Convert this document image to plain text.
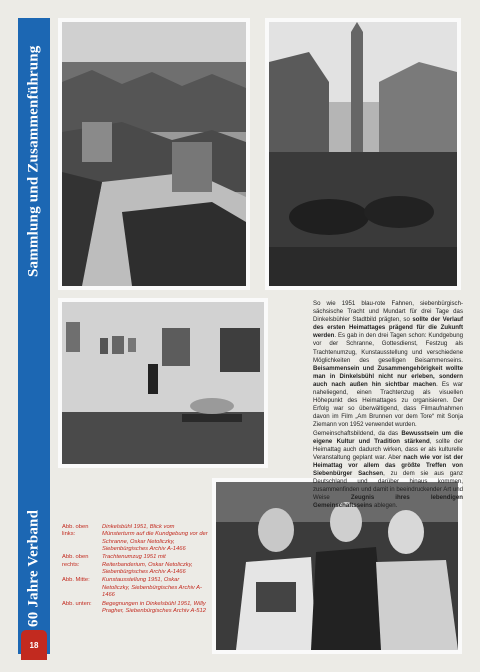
Sammlung und Zusammenführung
60 Jahre Verband
18

So wie 1951 blau-rote Fahnen, siebenbürgisch-sächsische Tracht und Mundart für drei Tage das Dinkelsbühler Stadtbild prägten, so sollte der Verlauf des ersten Heimattages prägend für die Zukunft werden. Es gab in den drei Tagen schon: Kundgebung vor der Schranne, Gottesdienst, Festzug als Trachtenumzug, Kunstausstellung und verschiedene Möglichkeiten des geselligen Beisammenseins. Beisammensein und Zusammengehörigkeit wollte man in Dinkelsbühl nicht nur erleben, sondern auch nach außen hin sichtbar machen. Es war naheliegend, einen Trachtenzug als visuellen Höhepunkt des Heimattages zu organisieren. Der Erfolg war so überwältigend, dass Filmaufnahmen davon im Film „Am Brunnen vor dem Tore“ mit Sonja Ziemann von 1952 verwendet wurden.

Gemeinschaftsbildend, da das Bewusstsein um die eigene Kultur und Tradition stärkend, sollte der Heimattag auch dadurch wirken, dass er als kulturelle Veranstaltung geplant war. Aber nach wie vor ist der Heimattag vor allem das größte Treffen von Siebenbürger Sachsen, zu dem sie aus ganz Deutschland und darüber hinaus kommen, zusammenfinden und damit in beeindruckender Art und Weise Zeugnis ihres lebendigen Gemeinschaftsseins ablegen.

Abb. oben links:
Dinkelsbühl 1951, Blick vom Münsterturm auf die Kundgebung vor der Schranne, Oskar Netoliczky, Siebenbürgisches Archiv A-1466
Abb. oben rechts:
Trachtenumzug 1951 mit Reiterbanderium, Oskar Netoliczky, Siebenbürgisches Archiv A-1466
Abb. Mitte:	Kunstausstellung 1951, Oskar Netoliczky, Siebenbürgisches Archiv A-1466
Abb. unten:	Begegnungen in Dinkelsbühl 1951, Willy Pragher, Siebenbürgisches Archiv A-512
